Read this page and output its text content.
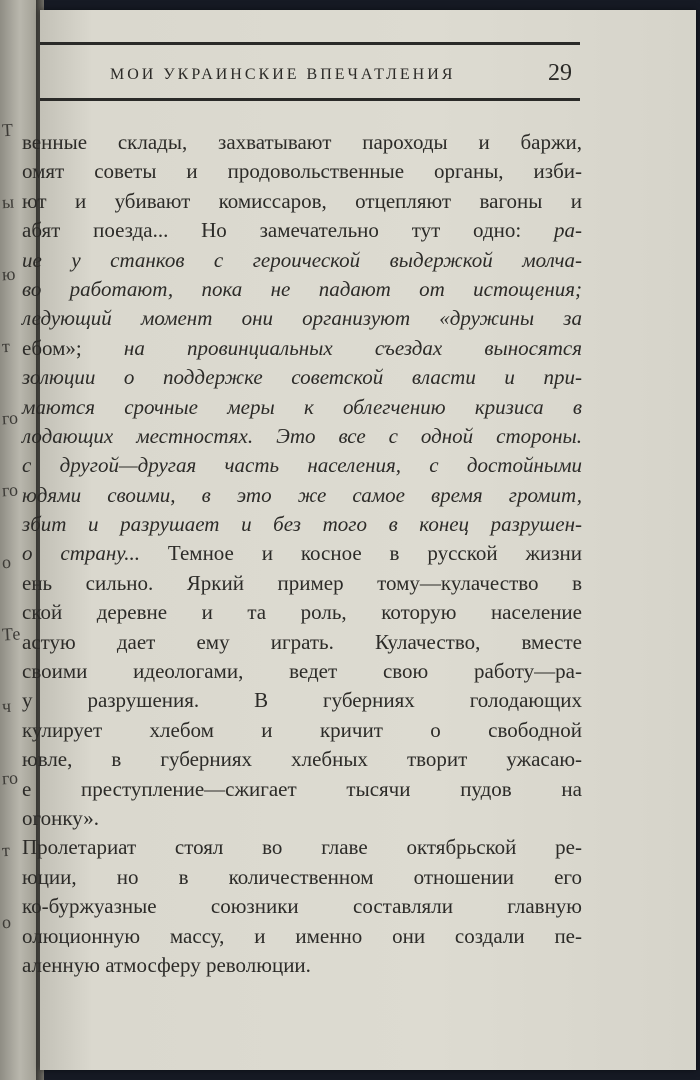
Т
ы
ю
т
го
го
о
Те
ч
го
т
о
МОИ УКРАИНСКИЕ ВПЕЧАТЛЕНИЯ	29
венные склады, захватывают пароходы и баржи,
омят советы и продовольственные органы, изби-
ют и убивают комиссаров, отцепляют вагоны и
абят поезда... Но замечательно тут одно: ра-
ие у станков с героической выдержкой молча-
во работают, пока не падают от истощения;
ледующий момент они организуют «дружины за
ебом»; на провинциальных съездах выносятся
золюции о поддержке советской власти и при-
маются срочные меры к облегчению кризиса в
лодающих местностях. Это все с одной стороны.
с другой—другая часть населения, с достойными
юдями своими, в это же самое время громит,
збит и разрушает и без того в конец разрушен-
о страну... Темное и косное в русской жизни
ень сильно. Яркий пример тому—кулачество в
ской деревне и та роль, которую население
астую дает ему играть. Кулачество, вместе
своими идеологами, ведет свою работу—ра-
у разрушения. В губерниях голодающих
кулирует хлебом и кричит о свободной
ювле, в губерниях хлебных творит ужасаю-
е преступление—сжигает тысячи пудов на
огонку».
Пролетариат стоял во главе октябрьской ре-
юции, но в количественном отношении его
ко-буржуазные союзники составляли главную
олюционную массу, и именно они создали пе-
аленную атмосферу революции.
